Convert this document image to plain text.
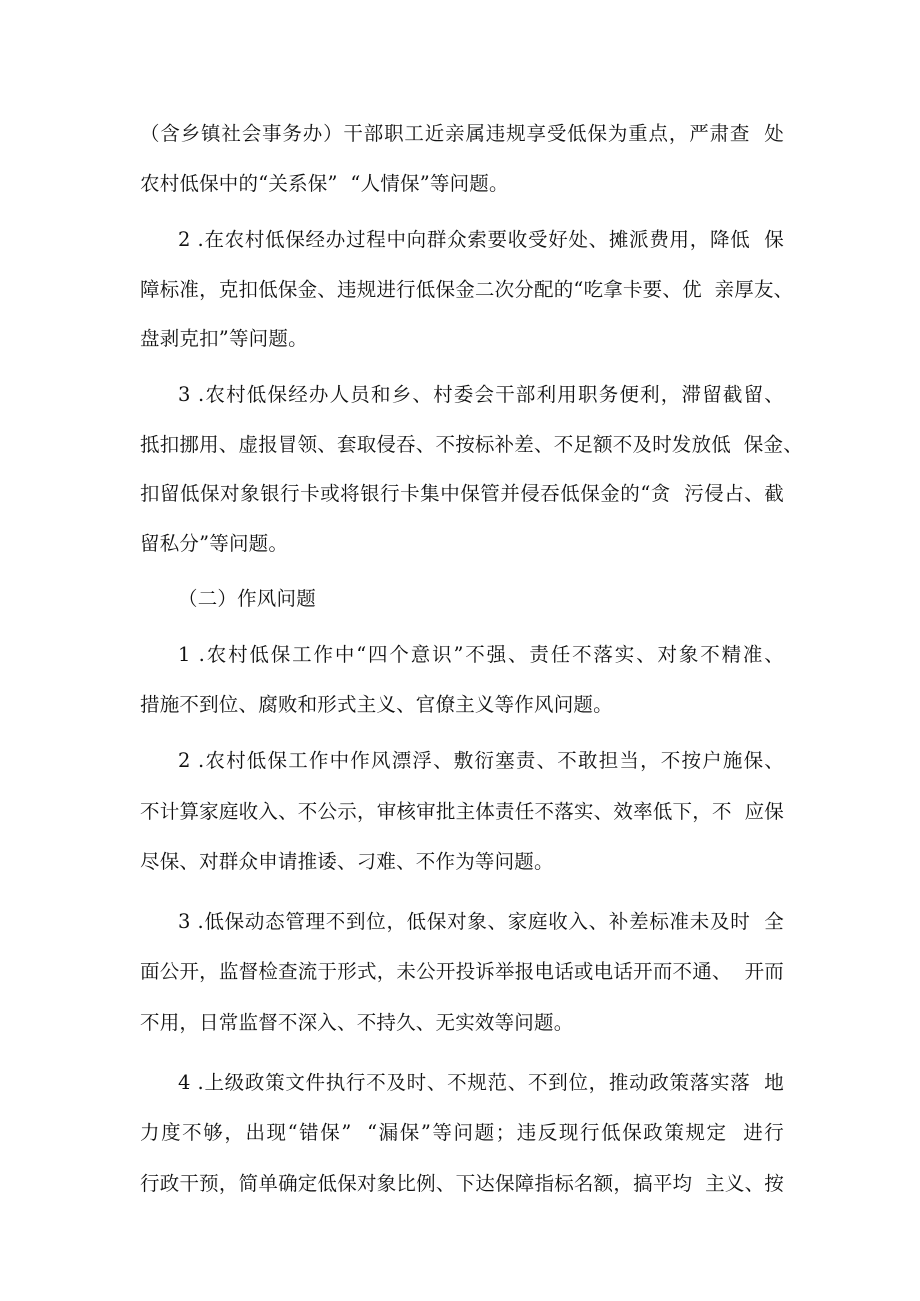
（含乡镇社会事务办）干部职工近亲属违规享受低保为重点，严肃查  处
农村低保中的“关系保”  “人情保”等问题。
2 .在农村低保经办过程中向群众索要收受好处、摊派费用，降低  保
障标准，克扣低保金、违规进行低保金二次分配的“吃拿卡要、优  亲厚友、
盘剥克扣”等问题。
3 .农村低保经办人员和乡、村委会干部利用职务便利，滞留截留、
抵扣挪用、虚报冒领、套取侵吞、不按标补差、不足额不及时发放低  保金、
扣留低保对象银行卡或将银行卡集中保管并侵吞低保金的“贪  污侵占、截
留私分”等问题。
（二）作风问题
1 .农村低保工作中“四个意识”不强、责任不落实、对象不精准、
措施不到位、腐败和形式主义、官僚主义等作风问题。
2 .农村低保工作中作风漂浮、敷衍塞责、不敢担当，不按户施保、
不计算家庭收入、不公示，审核审批主体责任不落实、效率低下，不  应保
尽保、对群众申请推诿、刁难、不作为等问题。
3 .低保动态管理不到位，低保对象、家庭收入、补差标准未及时  全
面公开，监督检查流于形式，未公开投诉举报电话或电话开而不通、  开而
不用，日常监督不深入、不持久、无实效等问题。
4 .上级政策文件执行不及时、不规范、不到位，推动政策落实落  地
力度不够，出现“错保”  “漏保”等问题；违反现行低保政策规定  进行
行政干预，简单确定低保对象比例、下达保障指标名额，搞平均  主义、按
